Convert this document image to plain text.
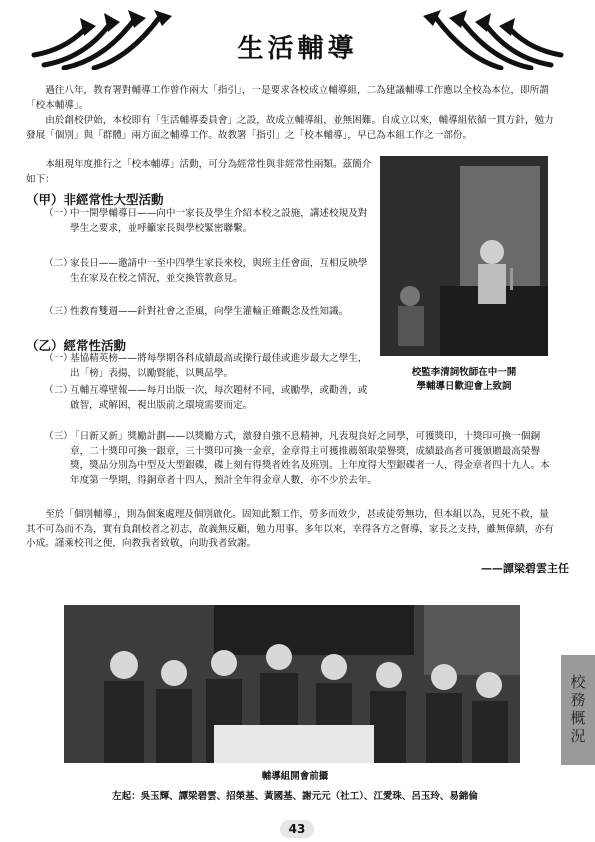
生活輔導

過往八年，教育署對輔導工作曾作兩大「指引」，一是要求各校成立輔導組，二為建議輔導工作應以全校為本位，即所謂「校本輔導」。

由於創校伊始，本校即有「生活輔導委員會」之設，故成立輔導組，並無困難。自成立以來，輔導組依循一貫方針，勉力發展「個別」與「群體」兩方面之輔導工作。故教署「指引」之「校本輔導」，早已為本組工作之一部份。

本組現年度推行之「校本輔導」活動，可分為經常性與非經常性兩類。茲簡介如下：

（甲）非經常性大型活動
（一）
中一開學輔導日——向中一家長及學生介紹本校之設施，講述校規及對學生之要求，並呼籲家長與學校緊密聯繫。
（二）
家長日——邀請中一至中四學生家長來校，與班主任會面，互相反映學生在家及在校之情況，並交換管教意見。
（三）
性教育雙週——針對社會之歪風，向學生灌輸正確觀念及性知識。
（乙）經常性活動
（一）
基協精英榜——將每學期各科成績最高或操行最佳或進步最大之學生，出「榜」表揚，以勵賢能，以興品學。
（二）
互輔互導壁報——每月出版一次，每次題材不同，或勵學，或勸善，或啟智，或解困，視出版前之環境需要而定。
（三）
「日新又新」獎勵計劃——以獎勵方式，激發自強不息精神，凡表現良好之同學，可獲獎印，十獎印可換一個銅章，二十獎印可換一銀章，三十獎印可換一金章，金章得主可獲推薦領取榮譽獎，成績最高者可獲頒贈最高榮譽獎，獎品分別為中型及大型銀碟，碟上刻有得獎者姓名及班別。上年度得大型銀碟者一人，得金章者四十九人。本年度第一學期，得銅章者十四人，預計全年得金章人數，亦不少於去年。

至於「個別輔導」，則為個案處理及個別啟化。固知此類工作，勞多而效少，甚或徒勞無功，但本組以為，見死不救，量其不可為而不為，實有負創校者之初志，故義無反顧，勉力用事。多年以來，幸得各方之督導，家長之支持，雖無偉績，亦有小成。謹乘校刊之便，向教我者致敬，向助我者致謝。

——譚梁碧雲主任
校監李清詞牧師在中一開
學輔導日歡迎會上致詞
輔導組開會前攝
左起：吳玉輝、譚梁碧雲、招榮基、黃國基、謝元元（社工）、江愛珠、呂玉玲、易錦倫
校務概況
43
